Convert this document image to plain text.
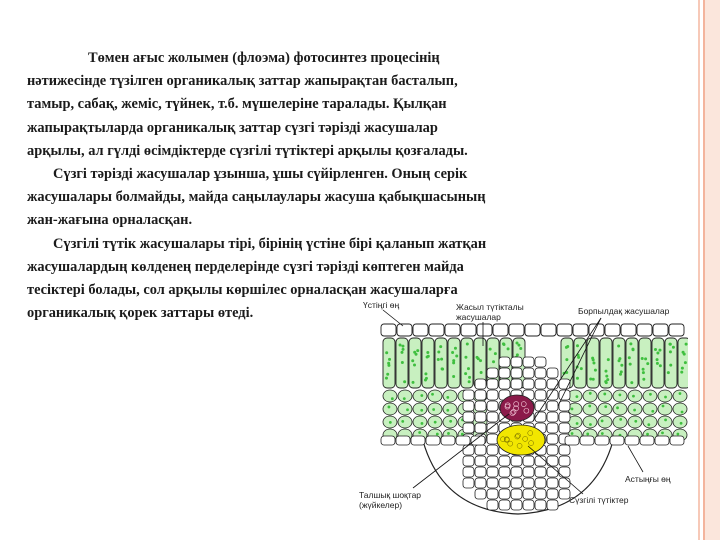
Төмен ағыс жолымен (флоэма) фотосинтез процесінің
нәтижесінде түзілген органикалық заттар жапырақтан басталып,
тамыр, сабақ, жеміс, түйнек, т.б. мүшелеріне таралады. Қылқан
жапырақтыларда органикалық заттар сүзгі тәрізді жасушалар
арқылы, ал гүлді өсімдіктерде сүзгілі түтіктері арқылы қозғалады.
Сүзгі тәрізді жасушалар ұзынша, ұшы сүйірленген. Оның серік
жасушалары болмайды, майда саңылаулары жасуша қабықшасының
жан-жағына орналасқан.
Сүзгілі түтік жасушалары тірі, бірінің үстіне бірі қаланып жатқан
жасушалардың көлденең перделерінде сүзгі тәрізді көптеген майда
тесіктері болады, сол арқылы көршілес орналасқан жасушаларға
органикалық қорек заттары өтеді.
Үстіңгі өң	Жасыл түтікталы
жасушалар
Борпылдақ жасушалар
Астыңғы өң
Талшық шоқтар
(жүйкелер)	Сүзгілі түтіктер
